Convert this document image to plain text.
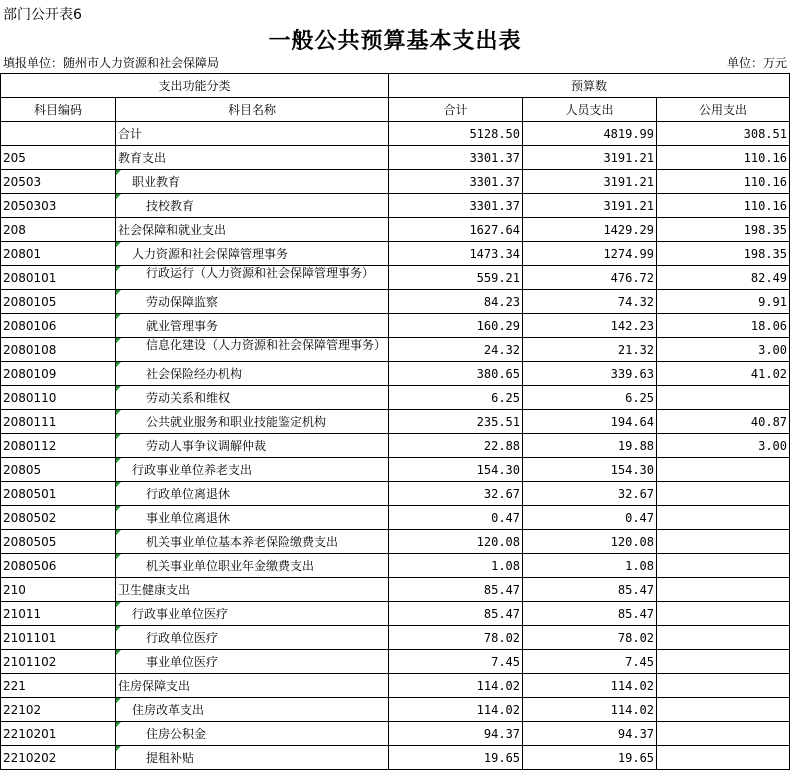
部门公开表6
一般公共预算基本支出表
填报单位：随州市人力资源和社会保障局	单位：万元
支出功能分类		预算数		
科目编码	科目名称	合计	人员支出	公用支出
	合计	5128.50	4819.99	308.51
205	教育支出	3301.37	3191.21	110.16
20503	职业教育	3301.37	3191.21	110.16
2050303	技校教育	3301.37	3191.21	110.16
208	社会保障和就业支出	1627.64	1429.29	198.35
20801	人力资源和社会保障管理事务	1473.34	1274.99	198.35
2080101	行政运行（人力资源和社会保障管理事务）	559.21	476.72	82.49
2080105	劳动保障监察	84.23	74.32	9.91
2080106	就业管理事务	160.29	142.23	18.06
2080108	信息化建设（人力资源和社会保障管理事务）	24.32	21.32	3.00
2080109	社会保险经办机构	380.65	339.63	41.02
2080110	劳动关系和维权	6.25	6.25	
2080111	公共就业服务和职业技能鉴定机构	235.51	194.64	40.87
2080112	劳动人事争议调解仲裁	22.88	19.88	3.00
20805	行政事业单位养老支出	154.30	154.30	
2080501	行政单位离退休	32.67	32.67	
2080502	事业单位离退休	0.47	0.47	
2080505	机关事业单位基本养老保险缴费支出	120.08	120.08	
2080506	机关事业单位职业年金缴费支出	1.08	1.08	
210	卫生健康支出	85.47	85.47	
21011	行政事业单位医疗	85.47	85.47	
2101101	行政单位医疗	78.02	78.02	
2101102	事业单位医疗	7.45	7.45	
221	住房保障支出	114.02	114.02	
22102	住房改革支出	114.02	114.02	
2210201	住房公积金	94.37	94.37	
2210202	提租补贴	19.65	19.65	
